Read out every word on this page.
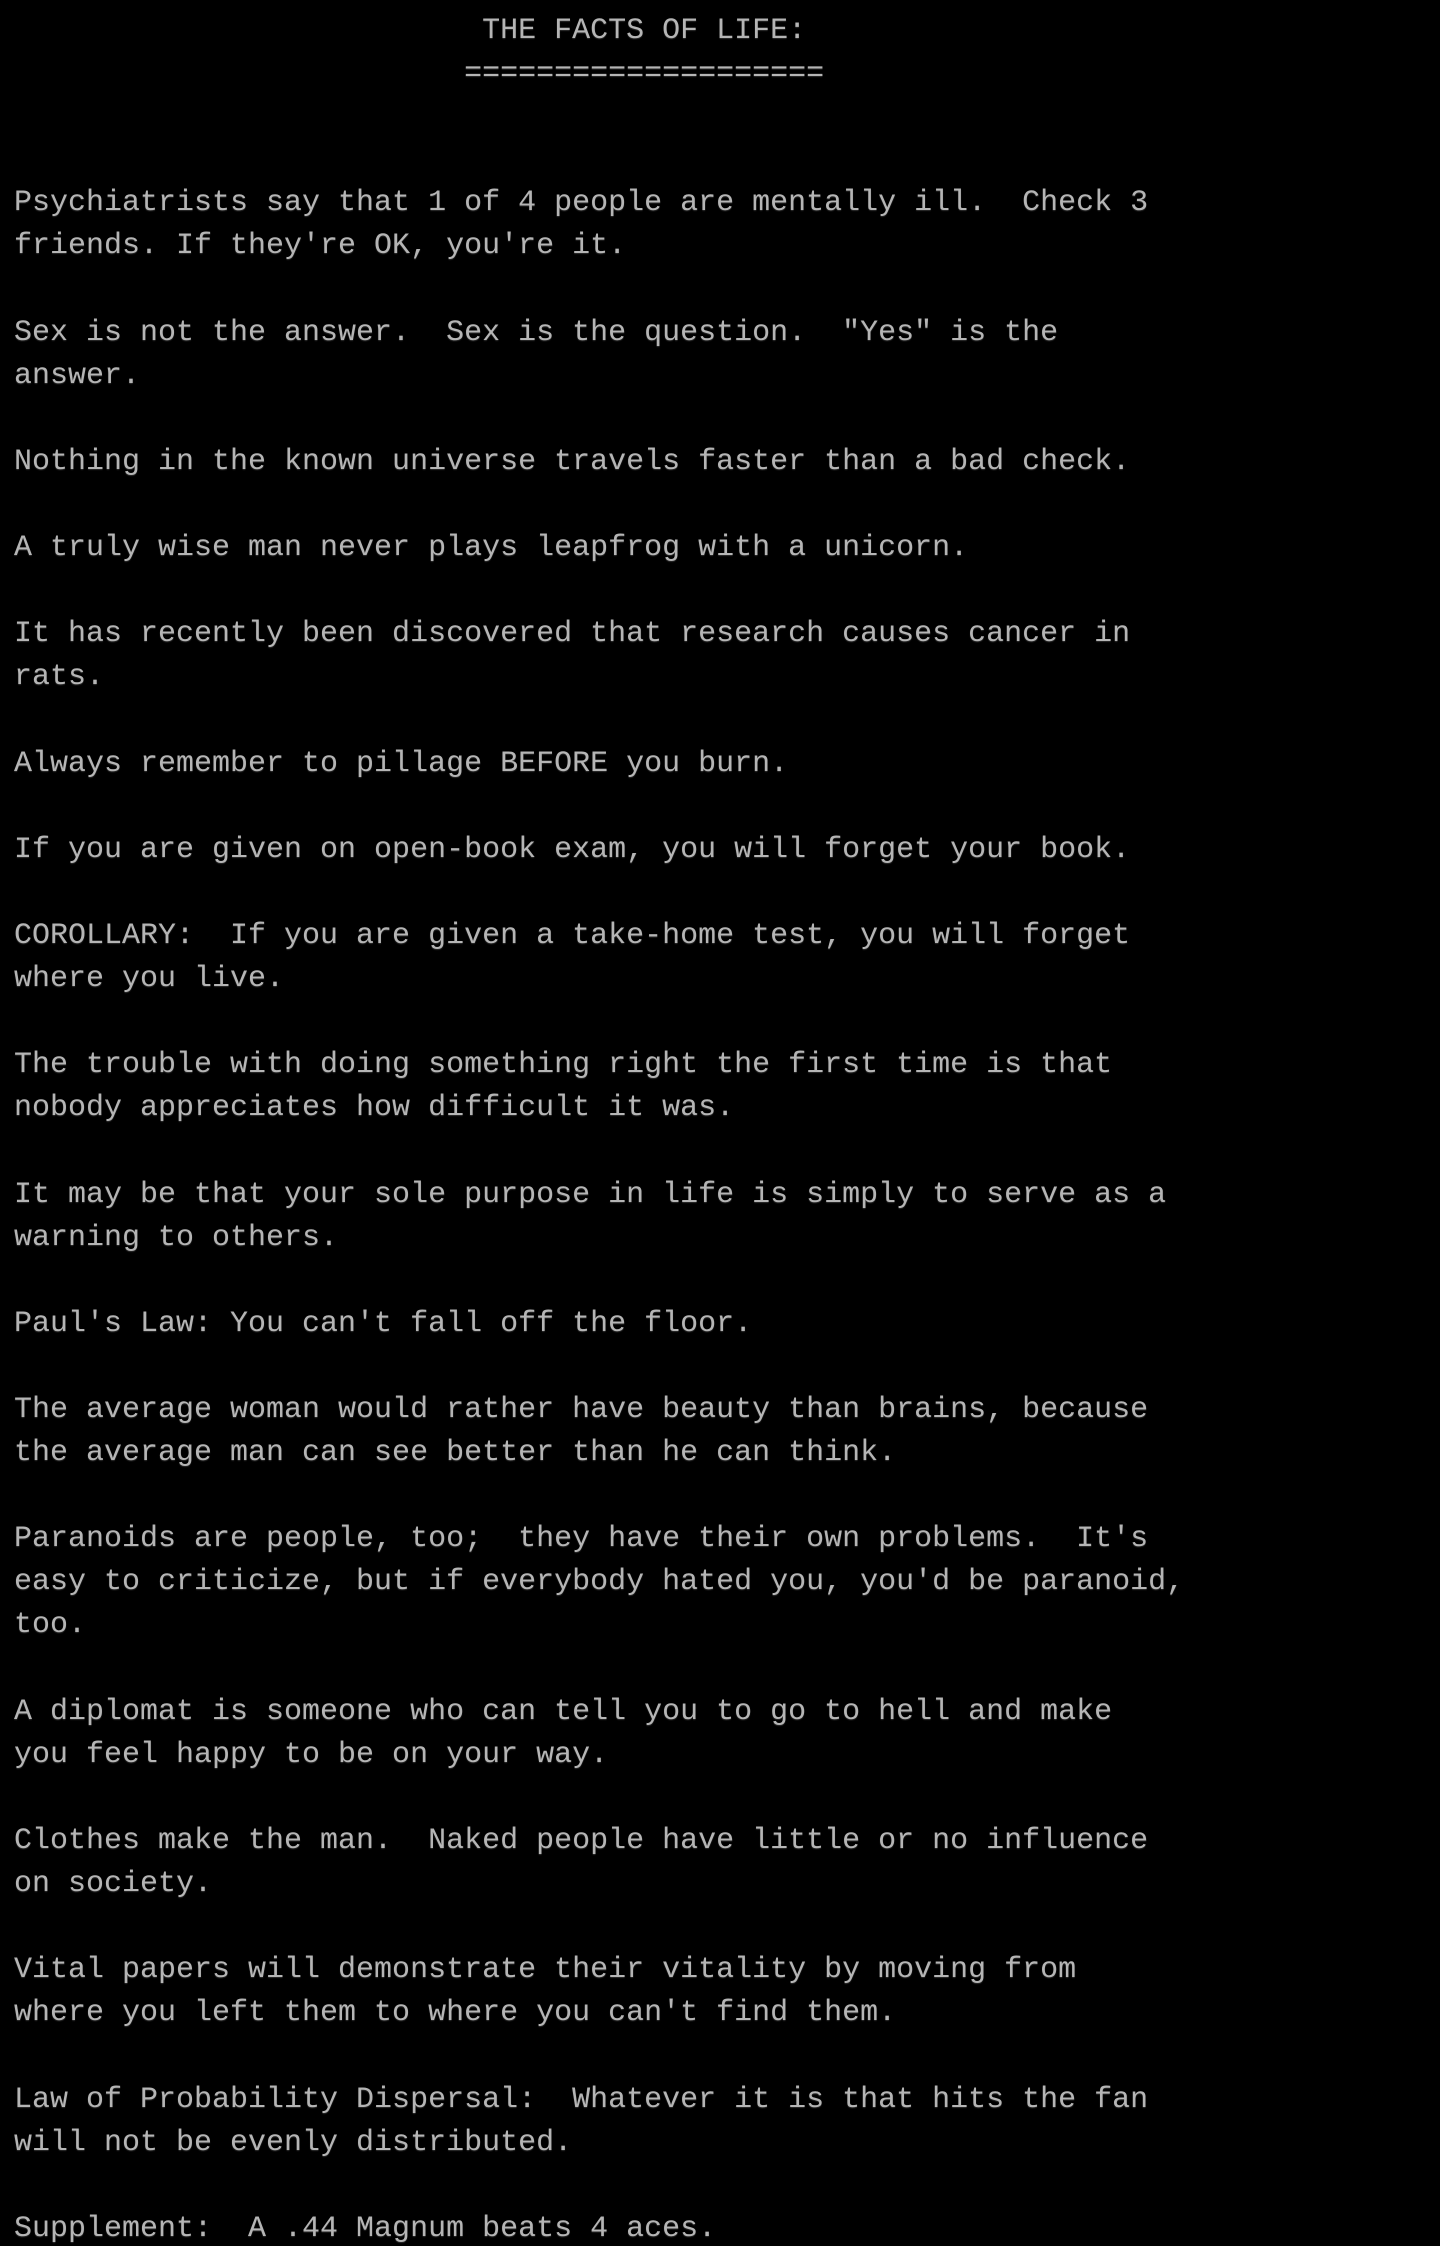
THE FACTS OF LIFE:
====================
Psychiatrists say that 1 of 4 people are mentally ill.  Check 3
friends. If they're OK, you're it.
Sex is not the answer.  Sex is the question.  "Yes" is the
answer.
Nothing in the known universe travels faster than a bad check.
A truly wise man never plays leapfrog with a unicorn.
It has recently been discovered that research causes cancer in
rats.
Always remember to pillage BEFORE you burn.
If you are given on open-book exam, you will forget your book.
COROLLARY:  If you are given a take-home test, you will forget
where you live.
The trouble with doing something right the first time is that
nobody appreciates how difficult it was.
It may be that your sole purpose in life is simply to serve as a
warning to others.
Paul's Law: You can't fall off the floor.
The average woman would rather have beauty than brains, because
the average man can see better than he can think.
Paranoids are people, too;  they have their own problems.  It's
easy to criticize, but if everybody hated you, you'd be paranoid,
too.
A diplomat is someone who can tell you to go to hell and make
you feel happy to be on your way.
Clothes make the man.  Naked people have little or no influence
on society.
Vital papers will demonstrate their vitality by moving from
where you left them to where you can't find them.
Law of Probability Dispersal:  Whatever it is that hits the fan
will not be evenly distributed.
Supplement:  A .44 Magnum beats 4 aces.
